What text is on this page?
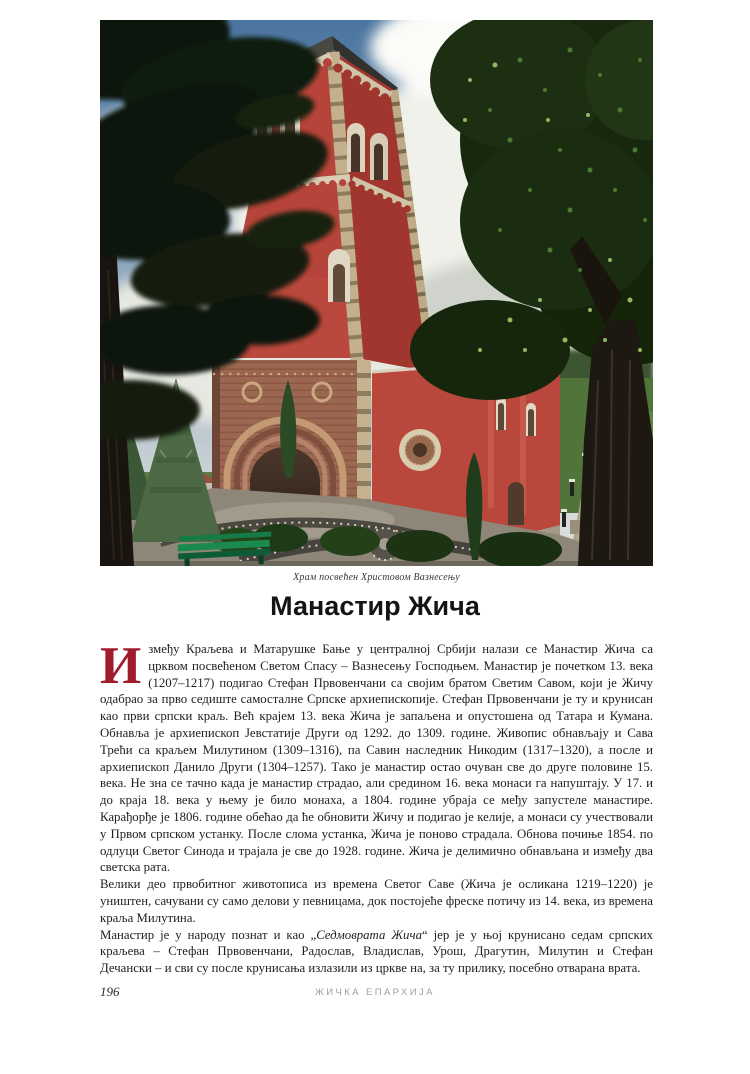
Храм посвећен Христовом Вазнесењу
Манастир Жича

Између Краљева и Матарушке Бање у централној Србији налази се Манастир Жича са црквом посвећеном Светом Спасу – Вазнесењу Господњем. Манастир је почетком 13. века (1207–1217) подигао Стефан Првовенчани са својим братом Светим Савом, који је Жичу одабрао за прво седиште самосталне Српске архиепископије. Стефан Првовенчани је ту и крунисан као први српски краљ. Већ крајем 13. века Жича је запаљена и опустошена од Татара и Кумана. Обнавља је архиепископ Јевстатије Други од 1292. до 1309. године. Живопис обнављају и Сава Трећи са краљем Милутином (1309–1316), па Савин наследник Никодим (1317–1320), а после и архиепископ Данило Други (1304–1257). Тако је манастир остао очуван све до друге половине 15. века. Не зна се тачно када је манастир страдао, али средином 16. века монаси га напуштају. У 17. и до краја 18. века у њему је било монаха, а 1804. године убраја се међу запустеле манастире. Карађорђе је 1806. године обећао да ће обновити Жичу и подигао је келије, а монаси су учествовали у Првом српском устанку. После слома устанка, Жича је поново страдала. Обнова почиње 1854. по одлуци Светог Синода и трајала је све до 1928. године. Жича је делимично обнављана и између два светска рата.

Велики део првобитног животописа из времена Светог Саве (Жича је осликана 1219–1220) је уништен, сачувани су само делови у певницама, док постојеће фреске потичу из 14. века, из времена краља Милутина.

Манастир је у народу познат и као „Седмоврата Жича“ јер је у њој крунисано седам српских краљева – Стефан Првовенчани, Радослав, Владислав, Урош, Драгутин, Милутин и Стефан Дечански – и сви су после крунисања излазили из цркве на, за ту прилику, посебно отварана врата.

196	ЖИЧКА ЕПАРХИЈА
